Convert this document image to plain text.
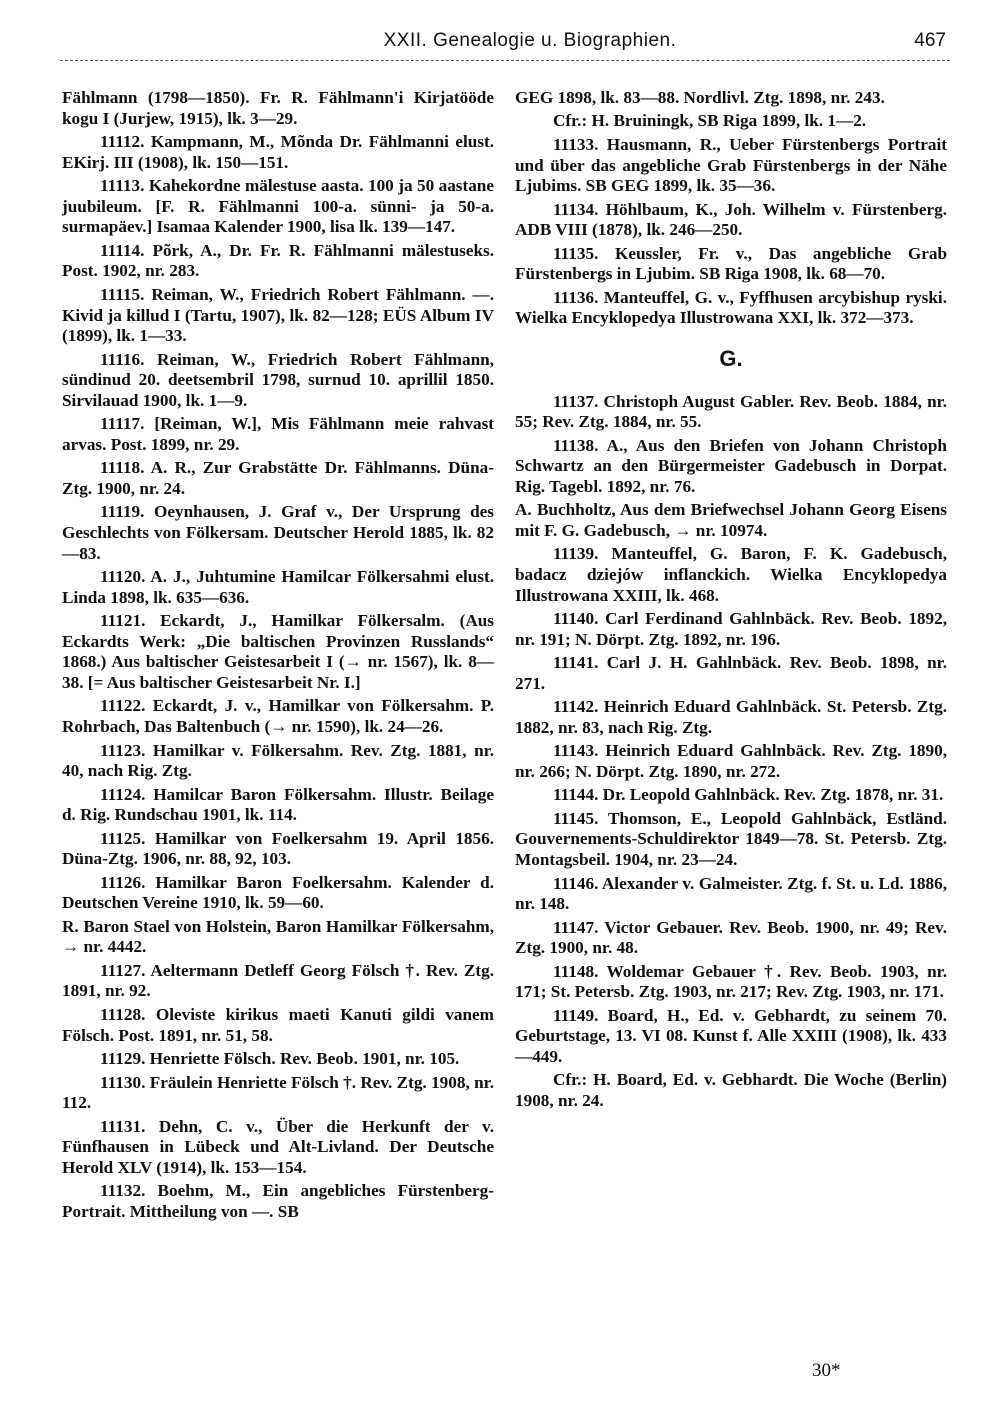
XXII. Genealogie u. Biographien.	467

Fählmann (1798—1850). Fr. R. Fählmann'i Kirjatööde kogu I (Jurjew, 1915), lk. 3—29.

11112. Kampmann, M., Mõnda Dr. Fählmanni elust. EKirj. III (1908), lk. 150—151.

11113. Kahekordne mälestuse aasta. 100 ja 50 aastane juubileum. [F. R. Fählmanni 100-a. sünni- ja 50-a. surmapäev.] Isamaa Kalender 1900, lisa lk. 139—147.

11114. Põrk, A., Dr. Fr. R. Fählmanni mälestuseks. Post. 1902, nr. 283.

11115. Reiman, W., Friedrich Robert Fählmann. —. Kivid ja killud I (Tartu, 1907), lk. 82—128; EÜS Album IV (1899), lk. 1—33.

11116. Reiman, W., Friedrich Robert Fählmann, sündinud 20. deetsembril 1798, surnud 10. aprillil 1850. Sirvilauad 1900, lk. 1—9.

11117. [Reiman, W.], Mis Fählmann meie rahvast arvas. Post. 1899, nr. 29.

11118. A. R., Zur Grabstätte Dr. Fählmanns. Düna-Ztg. 1900, nr. 24.

11119. Oeynhausen, J. Graf v., Der Ursprung des Geschlechts von Fölkersam. Deutscher Herold 1885, lk. 82—83.

11120. A. J., Juhtumine Hamilcar Fölkersahmi elust. Linda 1898, lk. 635—636.

11121. Eckardt, J., Hamilkar Fölkersalm. (Aus Eckardts Werk: „Die baltischen Provinzen Russlands“ 1868.) Aus baltischer Geistesarbeit I (→ nr. 1567), lk. 8—38. [= Aus baltischer Geistesarbeit Nr. I.]

11122. Eckardt, J. v., Hamilkar von Fölkersahm. P. Rohrbach, Das Baltenbuch (→ nr. 1590), lk. 24—26.

11123. Hamilkar v. Fölkersahm. Rev. Ztg. 1881, nr. 40, nach Rig. Ztg.

11124. Hamilcar Baron Fölkersahm. Illustr. Beilage d. Rig. Rundschau 1901, lk. 114.

11125. Hamilkar von Foelkersahm 19. April 1856. Düna-Ztg. 1906, nr. 88, 92, 103.

11126. Hamilkar Baron Foelkersahm. Kalender d. Deutschen Vereine 1910, lk. 59—60.

R. Baron Stael von Holstein, Baron Hamilkar Fölkersahm, → nr. 4442.

11127. Aeltermann Detleff Georg Fölsch †. Rev. Ztg. 1891, nr. 92.

11128. Oleviste kirikus maeti Kanuti gildi vanem Fölsch. Post. 1891, nr. 51, 58.

11129. Henriette Fölsch. Rev. Beob. 1901, nr. 105.

11130. Fräulein Henriette Fölsch †. Rev. Ztg. 1908, nr. 112.

11131. Dehn, C. v., Über die Herkunft der v. Fünfhausen in Lübeck und Alt-Livland. Der Deutsche Herold XLV (1914), lk. 153—154.

11132. Boehm, M., Ein angebliches Fürstenberg-Portrait. Mittheilung von —. SB

GEG 1898, lk. 83—88. Nordlivl. Ztg. 1898, nr. 243.

Cfr.: H. Bruiningk, SB Riga 1899, lk. 1—2.

11133. Hausmann, R., Ueber Fürstenbergs Portrait und über das angebliche Grab Fürstenbergs in der Nähe Ljubims. SB GEG 1899, lk. 35—36.

11134. Höhlbaum, K., Joh. Wilhelm v. Fürstenberg. ADB VIII (1878), lk. 246—250.

11135. Keussler, Fr. v., Das angebliche Grab Fürstenbergs in Ljubim. SB Riga 1908, lk. 68—70.

11136. Manteuffel, G. v., Fyffhusen arcybishup ryski. Wielka Encyklopedya Illustrowana XXI, lk. 372—373.

G.

11137. Christoph August Gabler. Rev. Beob. 1884, nr. 55; Rev. Ztg. 1884, nr. 55.

11138. A., Aus den Briefen von Johann Christoph Schwartz an den Bürgermeister Gadebusch in Dorpat. Rig. Tagebl. 1892, nr. 76.

A. Buchholtz, Aus dem Briefwechsel Johann Georg Eisens mit F. G. Gadebusch, → nr. 10974.

11139. Manteuffel, G. Baron, F. K. Gadebusch, badacz dziejów inflanckich. Wielka Encyklopedya Illustrowana XXIII, lk. 468.

11140. Carl Ferdinand Gahlnbäck. Rev. Beob. 1892, nr. 191; N. Dörpt. Ztg. 1892, nr. 196.

11141. Carl J. H. Gahlnbäck. Rev. Beob. 1898, nr. 271.

11142. Heinrich Eduard Gahlnbäck. St. Petersb. Ztg. 1882, nr. 83, nach Rig. Ztg.

11143. Heinrich Eduard Gahlnbäck. Rev. Ztg. 1890, nr. 266; N. Dörpt. Ztg. 1890, nr. 272.

11144. Dr. Leopold Gahlnbäck. Rev. Ztg. 1878, nr. 31.

11145. Thomson, E., Leopold Gahlnbäck, Estländ. Gouvernements-Schuldirektor 1849—78. St. Petersb. Ztg. Montagsbeil. 1904, nr. 23—24.

11146. Alexander v. Galmeister. Ztg. f. St. u. Ld. 1886, nr. 148.

11147. Victor Gebauer. Rev. Beob. 1900, nr. 49; Rev. Ztg. 1900, nr. 48.

11148. Woldemar Gebauer †. Rev. Beob. 1903, nr. 171; St. Petersb. Ztg. 1903, nr. 217; Rev. Ztg. 1903, nr. 171.

11149. Board, H., Ed. v. Gebhardt, zu seinem 70. Geburtstage, 13. VI 08. Kunst f. Alle XXIII (1908), lk. 433—449.

Cfr.: H. Board, Ed. v. Gebhardt. Die Woche (Berlin) 1908, nr. 24.

30*
